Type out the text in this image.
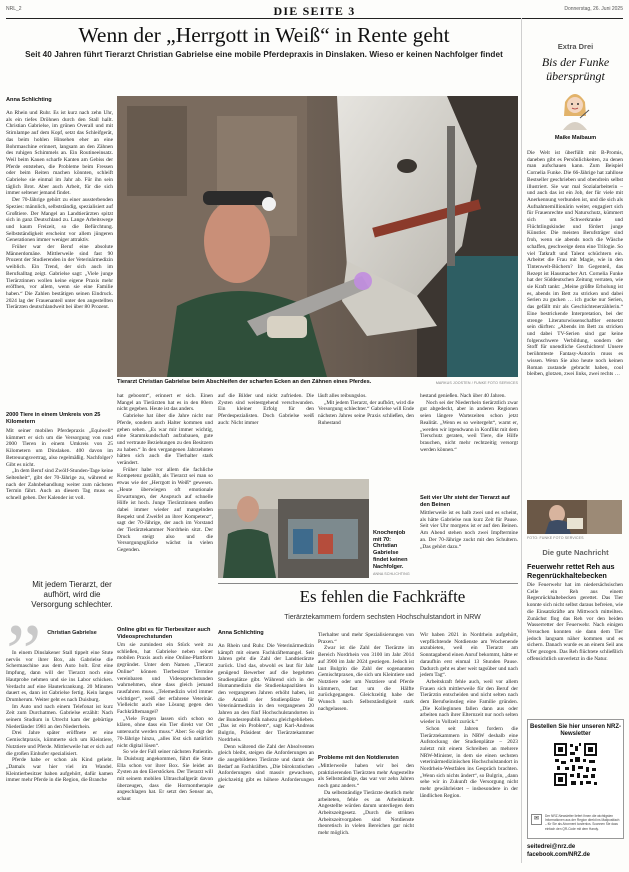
NRL_2	DIE SEITE 3	Donnerstag, 26. Juni 2025
Wenn der „Herrgott in Weiß“ in Rente geht
Seit 40 Jahren führt Tierarzt Christian Gabrielse eine mobile Pferdepraxis in Dinslaken. Wieso er keinen Nachfolger findet
Anna Schlichting

An Rhein und Ruhr. Es ist kurz nach zehn Uhr, als ein tiefes Dröhnen durch den Stall hallt. Christian Gabrielse, im grünen Overall und mit Stirnlampe auf dem Kopf, setzt das Schleifgerät, das beim hohlen Hinsehen eher an eine Bohrmaschine erinnert, langsam an den Zähnen des ruhigen Schimmels an. Ein Routineeinsatz. Weil beim Kauen scharfe Kanten am Gebiss der Pferde entstehen, die Probleme beim Fressen oder beim Reiten machen könnten, schleift Gabrielse sie einmal im Jahr ab. Für ihn sein täglich Brot. Aber auch Arbeit, für die sich immer seltener jemand findet.

Der 70-Jährige gehört zu einer aussterbenden Spezies: männlich, selbstständig, spezialisiert auf Großtiere. Der Mangel an Landtierärzten spitzt sich in ganz Deutschland zu. Lange Arbeitswege und kaum Freizeit, so die Befürchtung. Selbstständigkeit erscheint vor allem jüngeren Generationen immer weniger attraktiv.

Früher war der Beruf eine absolute Männerdomäne. Mittlerweile sind fast 90 Prozent der Studierenden in der Veterinärmedizin weiblich. Ein Trend, der sich auch im Berufsalltag zeigt. Gabrielse sagt: „Viele junge Tierärztinnen wollen keine eigene Praxis mehr eröffnen, vor allem, wenn sie eine Familie haben.“ Die Zahlen bestätigen seinen Eindruck. 2024 lag der Frauenanteil unter den angestellten Tierärzten deutschlandweit bei über 80 Prozent.

2000 Tiere in einem Umkreis von 25 Kilometern

Mit seiner mobilen Pferdepraxis „Equiwell“ kümmert er sich um die Versorgung von rund 2000 Tieren in einem Umkreis von 25 Kilometern um Dinslaken. 400 davon im Betreuungsvertrag, also regelmäßig. Nachfolger? Gibt es nicht.

„In dem Beruf sind Zwölf-Stunden-Tage keine Seltenheit“, gibt der 70-Jährige zu, während er nach der Zahnbehandlung weiter zum nächsten Termin fährt. Auch an diesem Tag muss es schnell gehen. Der Kalender ist voll.

„
Mit jedem Tierarzt, der aufhört, wird die Versorgung schlechter.
Christian Gabrielse

In einem Dinslakener Stall tippelt eine Stute nervös vor ihrer Box, als Gabrielse die Schermaschine aus dem Auto holt. Erst eine Impfung, dann will der Tierarzt noch eine Hautprobe nehmen und sie ins Labor schicken. Verdacht auf eine Hauterkrankung. 20 Minuten dauert es, dann ist Gabrielse fertig. Kein langes Drumherum. Weiter geht es nach Duisburg.

Im Auto und nach einem Telefonat ist kurz Zeit zum Durchatmen. Gabrielse erzählt: Nach seinem Studium in Utrecht kam der gebürtige Niederländer 1981 an den Niederrhein.

Drei Jahre später eröffnete er eine Gemischtpraxis, kümmerte sich um Kleintiere, Nutztiere und Pferde. Mittlerweile hat er sich auf die großen Einhufer spezialisiert.

Pferde habe er schon als Kind geliebt. „Damals war hier viel im Wandel. Kleintierbesitzer haben aufgehört, dafür kamen immer mehr Pferde in die Region, die Branche

Tierarzt Christian Gabrielse beim Abschleifen der scharfen Ecken an den Zähnen eines Pferdes.	MARKUS JOOSTEN / FUNKE FOTO SERVICES

hat geboomt“, erinnert er sich. Einen Mangel an Tierärzten hat es in den 80ern nicht gegeben. Heute ist das anders.

Gabrielse hat über die Jahre nicht nur Pferde, sondern auch Halter kommen und gehen sehen. „Es war mir immer wichtig, eine Stammkundschaft aufzubauen, gute und vertraute Beziehungen zu den Besitzern zu haben.“ In den vergangenen Jahrzehnten hätten sich auch die Tierhalter stark verändert.

Früher habe vor allem die fachliche Kompetenz gezählt, als Tierarzt sei man so etwas wie der „Herrgott in Weiß“ gewesen. „Heute überwiegen oft emotionale Erwartungen, der Anspruch auf schnelle Hilfe ist hoch. Junge Tierärztinnen stoßen dabei immer wieder auf mangelnden Respekt und Zweifel an ihrer Kompetenz“, sagt der 70-Jährige, der auch im Vorstand der Tierärztekammer Nordrhein sitzt. Der Druck steigt also und die Versorgungsglücke wächst in vielen Gegenden.

Online gibt es für Tierbesitzer auch Videosprechstunden

Um sie zumindest ein Stück weit zu schließen, hat Gabrielse neben seiner mobilen Praxis auch eine Online-Plattform gegründet. Unter dem Namen „Tierarzt Online“ können Tierbesitzer Termine vereinbaren und Videosprechstunden wahrnehmen, ohne dass gleich jemand rausfahren muss. „Telemedizin wird immer wichtiger“, weiß der erfahrene Veterinär. Vielleicht auch eine Lösung gegen den Fachkräftemangel?

„Viele Fragen lassen sich schon so klären, ohne dass ein Tier direkt vor Ort untersucht werden muss.“ Aber: So eigt der 70-Jährige hinzu, „alles löst sich natürlich nicht digital lösen“.

So wie der Fall seiner nächsten Patientin. In Duisburg angekommen, führt die Stute Ella schon vor ihrer Box. Sie leidet an Zysten an den Eierstöcken. Der Tierarzt will mit seinem mobilen Ultraschallgerät davon überzeugen, dass die Hormontherapie angeschlagen hat. Er setzt den Sensor an, schaut

auf die Bilder und nickt zufrieden. Die Zysten sind weitestgehend verschwunden. Ein kleiner Erfolg für den Pferdespezialisten. Doch Gabrielse weiß auch: Nicht immer

läuft alles reibungslos.

„Mit jedem Tierarzt, der aufhört, wird die Versorgung schlechter.“ Gabrielse will Ende nächsten Jahres seine Praxis schließen, den Ruhestand

Knochenjob mit 70: Christian Gabrielse findet keinen Nachfolger.
ANNA SCHLICHTING

hestand genießen. Nach über 40 Jahren.

Noch sei der Niederrhein tierärztlich zwar gut abgedeckt, aber in anderen Regionen seien längere Wartezeiten schon jetzt Realität. „Wenn es so weitergeht“, warnt er, „werden wir irgendwann in Konflikt mit dem Tierschutz geraten, weil Tiere, die Hilfe brauchen, nicht mehr rechtzeitig versorgt werden können.“

Seit vier Uhr steht der Tierarzt auf den Beinen

Mittlerweile ist es halb zwei und es scheint, als hätte Gabrielse nun kurz Zeit für Pause. Seit vier Uhr morgens ist er auf den Beinen. Am Abend stehen noch zwei Impftermine an. Der 70-Jährige zuckt mit den Schultern. „Das gehört dazu.“

Es fehlen die Fachkräfte
Tierärztekammern fordern sechsten Hochschulstandort in NRW
Anna Schlichting

An Rhein und Ruhr. Die Veterinärmedizin kämpft mit einem Fachkräftemangel. Seit Jahren geht die Zahl der Landtierärzte zurück. Und das, obwohl es laut für Jahr genügend Bewerber auf die begehrten Studienplätze gibt. Während sich in der Humanmedizin die Studienkapazitäten in den vergangenen Jahren erhöht haben, ist die Anzahl der Studienplätze für Veterinärmedizin in den vergangenen 20 Jahren an den fünf Hochschulstandorten in der Bundesrepublik nahezu gleichgeblieben. „Das ist ein Problem“, sagt Karl-Andreas Bulgrin, Präsident der Tierärztekammer Nordrhein.

Denn während die Zahl der Absolventen gleich bleibt, steigen die Anforderungen an die ausgebildeten Tierärzte und damit der Bedarf an Fachkräften. „Die bürokratischen Anforderungen sind massiv gewachsen, gleichzeitig gibt es höhere Anforderungen der

Tierhalter und mehr Spezialisierungen von Praxen.“

Zwar ist die Zahl der Tierärzte im Bereich Nordrhein von 3100 im Jahr 2014 auf 3900 im Jahr 2024 gestiegen. Jedoch ist laut Bulgrin die Zahl der sogenannten Gemischtpraxen, die sich um Kleintiere und Nutztiere oder um Nutztiere und Pferde kümmern, fast um die Hälfte zurückgegangen. Gleichzeitig habe der Wunsch nach Selbstständigkeit stark nachgelassen.

Probleme mit den Notdiensten

„Mittlerweile haben wir bei den praktizierenden Tierärzten mehr Angestellte als Selbstständige, das war vor zehn Jahren noch ganz anders.“

Da selbstständige Tierärzte deutlich mehr arbeiteten, fehle es an Arbeitskraft. Angestellte würden darum unterliegen dem Arbeitszeitgesetz. „Durch die strikten Arbeitszeitvorgaben sind Notdienste theoretisch in vielen Bereichen gar nicht mehr möglich.

Wir haben 2021 in Nordrhein aufgehört, verpflichtende Notdienste am Wochenende anzubieten, weil ein Tierarzt am Sonntagabend einen Anruf bekommt, hätte er daraufhin erst einmal 13 Stunden Pause. Dadurch geht es aber weit tagsüber und nach jedem Tag“.

Arbeitskraft fehle auch, weil vor allem Frauen sich mittlerweile für den Beruf der Tierärztin entscheiden und nicht selten nach dem Berufseinstieg eine Familie gründen. „Die Kolleginnen fallen dann aus oder arbeiten nach ihrer Elternzeit nur noch selten wieder in Vollzeit zurück.“

Schon seit Jahren fordern die Tierärztekammern in NRW deshalb eine Aufstockung der Studienplätze – 2023 zuletzt mit einem Schreiben an mehrere NRW-Minister, in dem sie einen sechsten veterinärmedizinischen Hochschulstandort in Nordrhein-Westfalen ins Gespräch brachten. „Wenn sich nichts ändert“, so Bulgrin, „dann sehe wir in Zukunft die Versorgung nicht mehr gewährleistet – insbesondere in der ländlichen Region.

Extra Drei
Bis der Funke übersprüngt
Maike Maibaum
Die Welt ist überfüllt mit B-Promis, daneben gibt es Persönlichkeiten, zu denen man aufschauen kann. Zum Beispiel Cornelia Funke. Die 66-Jährige hat zahllose Bestseller geschrieben und obendrein selbst illustriert. Sie war mal Sozialarbeiterin – und auch das ist ein Job, der für viele mit Anerkennung verbunden ist, und die sich als Aufnahmemillionärin weiter, engagiert sich für Frauenrechte und Naturschutz, kümmert sich um Schwerkranke und Flüchtlingskinder und fördert junge Künstler. Die meisten Berufsträger sind froh, wenn sie abends noch die Wäsche schaffen, geschweige denn eine Trilogie. So viel Tatkraft und Talent schüchtern ein. Arbeitet die Frau mit Magie, wie in den Tintenwelt-Büchern? Im Gegenteil, das Rezept ist Hausmacher Art. Cornelia Funke hat der Süddeutschen Zeitung verraten, wie sie Kraft tankt: „Meine größte Erholung ist es, abends im Bett zu stricken und dabei Serien zu gucken … ich gucke nur Serien, das gefällt mir als Geschichtenerzählerin.“ Eine bestrickende Interpretation, bei der strenge Literaturwissenschaftler entsetzt sein dürften: „Abends im Bett zu stricken und dabei TV-Serien sind gar keine folgenschwere Verbildung, sondern der Stoff für unendliche Geschichten! Unsere berühmteste Fantasy-Autorin muss es wissen. Wenn Sie also heute noch keinen Roman zustande gebracht haben, cool bleiben, glotzen, zwei links, zwei rechts …
FOTO: FUNKE FOTO SERVICES
Die gute Nachricht
Feuerwehr rettet Reh aus Regenrückhaltebecken
Die Feuerwehr hat im niedersächsischen Celle ein Reh aus einem Regenrückhaltebecken gerettet. Das Tier konnte sich nicht selbst daraus befreien, wie die Einsatzkräfte am Mittwoch mitteilten. Zunächst flog das Reh vor den beiden Wasserretter der Feuerwehr. Nach einigen Versuchen konnten sie dann dem Tier jedoch langsam näher kommen und es sichern. Danach wurde es an einem Seil ans Ufer gezogen. Das Reh flüchtete schließlich offensichtlich unverletzt in die Natur.
Bestellen Sie hier unseren NRZ-Newsletter
✉	Der NRZ-Newsletter liefert Ihnen die wichtigsten Informationen aus der Region direkt ins Mailpostfach – für Sie als Abonnent kostenlos. Scannen Sie dazu einfach den QR-Code mit dem Handy.
seitedrei@nrz.de
facebook.com/NRZ.de
